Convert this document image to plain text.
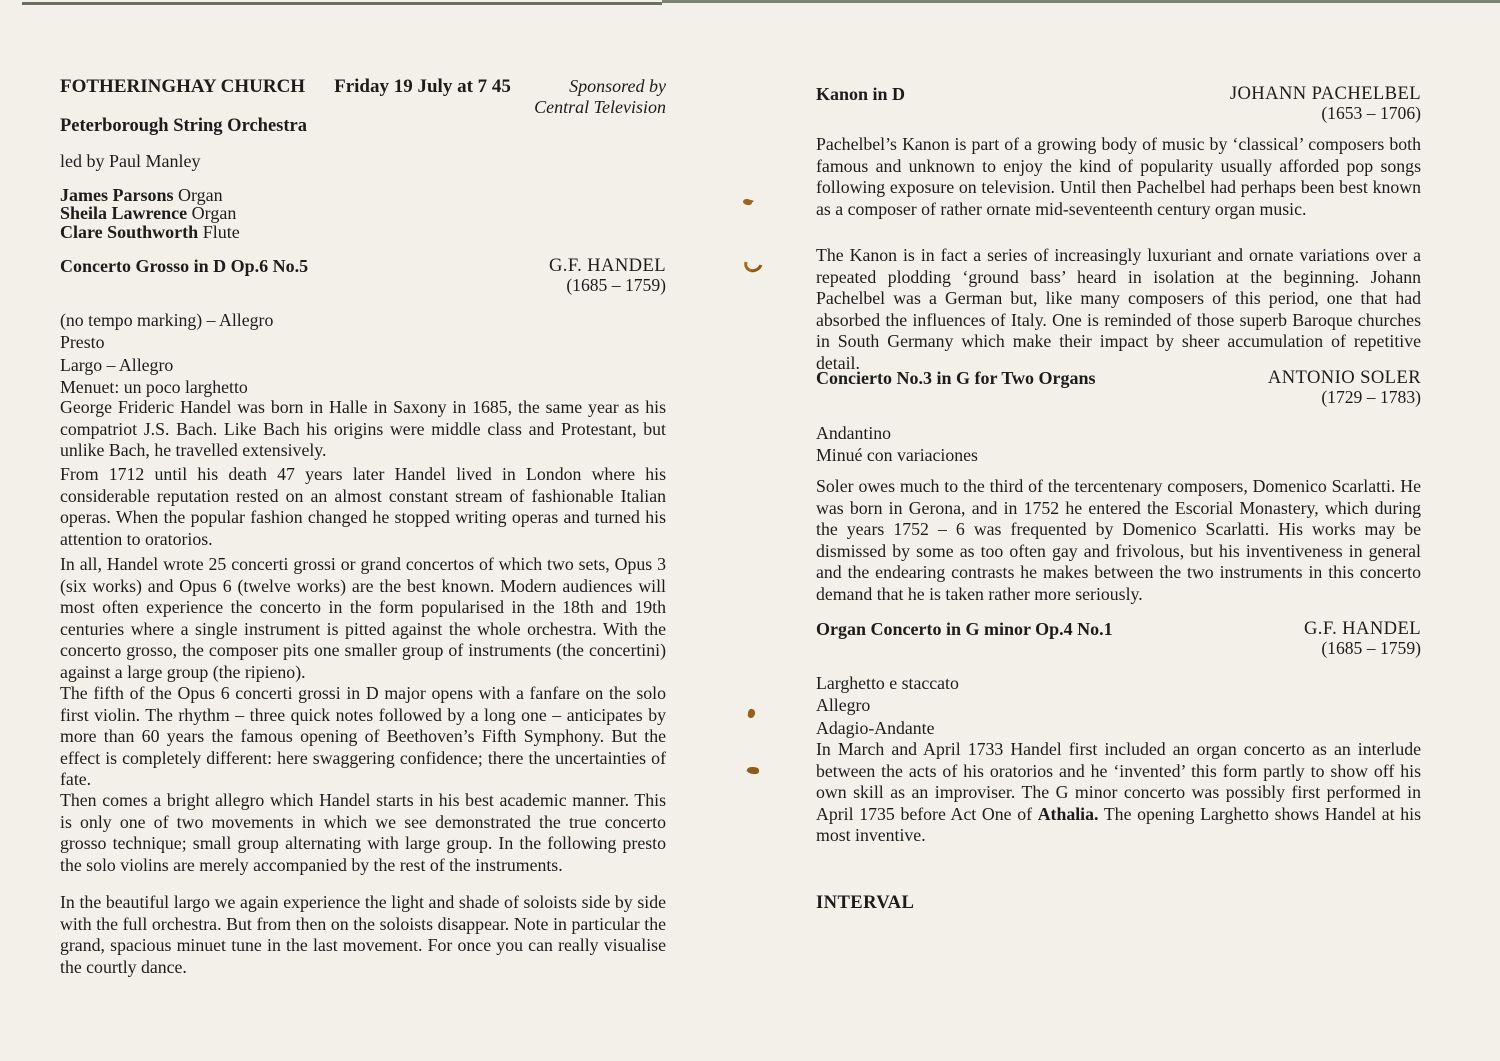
FOTHERINGHAY CHURCH Friday 19 July at 7 45	Sponsored by
Central Television
Peterborough String Orchestra
led by Paul Manley
James Parsons Organ
Sheila Lawrence Organ
Clare Southworth Flute
Concerto Grosso in D Op.6 No.5	G.F. HANDEL
(1685 – 1759)
(no tempo marking) – Allegro
Presto
Largo – Allegro
Menuet: un poco larghetto
George Frideric Handel was born in Halle in Saxony in 1685, the same year as his compatriot J.S. Bach. Like Bach his origins were middle class and Protestant, but unlike Bach, he travelled extensively.
From 1712 until his death 47 years later Handel lived in London where his considerable reputation rested on an almost constant stream of fashionable Italian operas. When the popular fashion changed he stopped writing operas and turned his attention to oratorios.
In all, Handel wrote 25 concerti grossi or grand concertos of which two sets, Opus 3 (six works) and Opus 6 (twelve works) are the best known. Modern audiences will most often experience the concerto in the form popularised in the 18th and 19th centuries where a single instrument is pitted against the whole orchestra. With the concerto grosso, the composer pits one smaller group of instruments (the concertini) against a large group (the ripieno).
The fifth of the Opus 6 concerti grossi in D major opens with a fanfare on the solo first violin. The rhythm – three quick notes followed by a long one – anticipates by more than 60 years the famous opening of Beethoven’s Fifth Symphony. But the effect is completely different: here swaggering confidence; there the uncertainties of fate.
Then comes a bright allegro which Handel starts in his best academic manner. This is only one of two movements in which we see demonstrated the true concerto grosso technique; small group alternating with large group. In the following presto the solo violins are merely accompanied by the rest of the instruments.
In the beautiful largo we again experience the light and shade of soloists side by side with the full orchestra. But from then on the soloists disappear. Note in particular the grand, spacious minuet tune in the last movement. For once you can really visualise the courtly dance.
Kanon in D	JOHANN PACHELBEL
(1653 – 1706)
Pachelbel’s Kanon is part of a growing body of music by ‘classical’ composers both famous and unknown to enjoy the kind of popularity usually afforded pop songs following exposure on television. Until then Pachelbel had perhaps been best known as a composer of rather ornate mid-seventeenth century organ music.
The Kanon is in fact a series of increasingly luxuriant and ornate variations over a repeated plodding ‘ground bass’ heard in isolation at the beginning. Johann Pachelbel was a German but, like many composers of this period, one that had absorbed the influences of Italy. One is reminded of those superb Baroque churches in South Germany which make their impact by sheer accumulation of repetitive detail.
Concierto No.3 in G for Two Organs	ANTONIO SOLER
(1729 – 1783)
Andantino
Minué con variaciones
Soler owes much to the third of the tercentenary composers, Domenico Scarlatti. He was born in Gerona, and in 1752 he entered the Escorial Monastery, which during the years 1752 – 6 was frequented by Domenico Scarlatti. His works may be dismissed by some as too often gay and frivolous, but his inventiveness in general and the endearing contrasts he makes between the two instruments in this concerto demand that he is taken rather more seriously.
Organ Concerto in G minor Op.4 No.1	G.F. HANDEL
(1685 – 1759)
Larghetto e staccato
Allegro
Adagio-Andante
In March and April 1733 Handel first included an organ concerto as an interlude between the acts of his oratorios and he ‘invented’ this form partly to show off his own skill as an improviser. The G minor concerto was possibly first performed in April 1735 before Act One of Athalia. The opening Larghetto shows Handel at his most inventive.
INTERVAL
